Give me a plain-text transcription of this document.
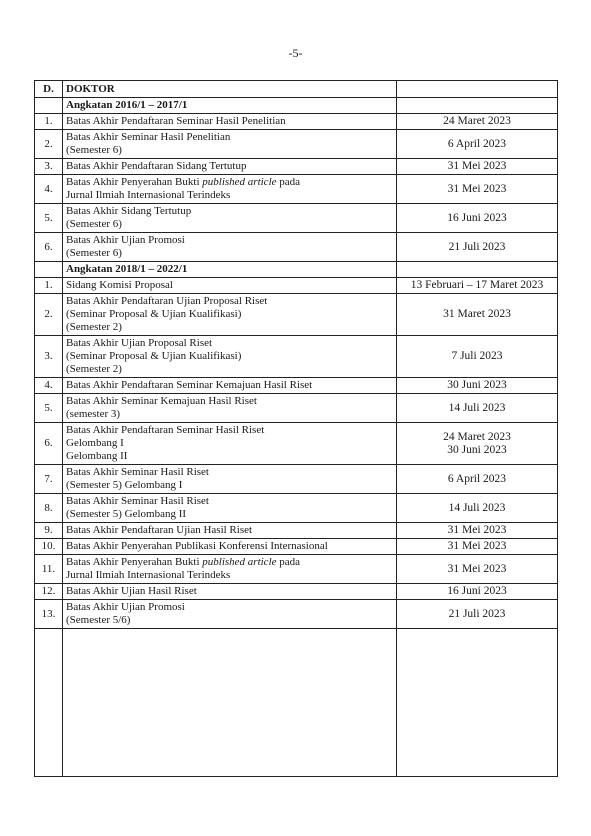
-5-
D.	DOKTOR	
	Angkatan 2016/1 – 2017/1	
1.	Batas Akhir Pendaftaran Seminar Hasil Penelitian	24 Maret 2023

2.	Batas Akhir Seminar Hasil Penelitian
(Semester 6)	6 April 2023

3.	Batas Akhir Pendaftaran Sidang Tertutup	31 Mei 2023

4.	Batas Akhir Penyerahan Bukti published article pada
Jurnal Ilmiah Internasional Terindeks	31 Mei 2023

5.	Batas Akhir Sidang Tertutup
(Semester 6)	16 Juni 2023

6.	Batas Akhir Ujian Promosi
(Semester 6)	21 Juli 2023

	Angkatan 2018/1 – 2022/1	
1.	Sidang Komisi Proposal	13 Februari – 17 Maret 2023

2.	Batas Akhir Pendaftaran Ujian Proposal Riset
(Seminar Proposal & Ujian Kualifikasi)
(Semester 2)	31 Maret 2023

3.	Batas Akhir Ujian Proposal Riset
(Seminar Proposal & Ujian Kualifikasi)
(Semester 2)	7 Juli 2023

4.	Batas Akhir Pendaftaran Seminar Kemajuan Hasil Riset	30 Juni 2023

5.	Batas Akhir Seminar Kemajuan Hasil Riset
(semester 3)	14 Juli 2023

6.	Batas Akhir Pendaftaran Seminar Hasil Riset
Gelombang I
Gelombang II	24 Maret 2023
30 Juni 2023

7.	Batas Akhir Seminar Hasil Riset
(Semester 5) Gelombang I	6 April 2023

8.	Batas Akhir Seminar Hasil Riset
(Semester 5) Gelombang II	14 Juli 2023

9.	Batas Akhir Pendaftaran Ujian Hasil Riset	31 Mei 2023

10.	Batas Akhir Penyerahan Publikasi Konferensi Internasional	31 Mei 2023

11.	Batas Akhir Penyerahan Bukti published article pada
Jurnal Ilmiah Internasional Terindeks	31 Mei 2023

12.	Batas Akhir Ujian Hasil Riset	16 Juni 2023

13.	Batas Akhir Ujian Promosi
(Semester 5/6)	21 Juli 2023
